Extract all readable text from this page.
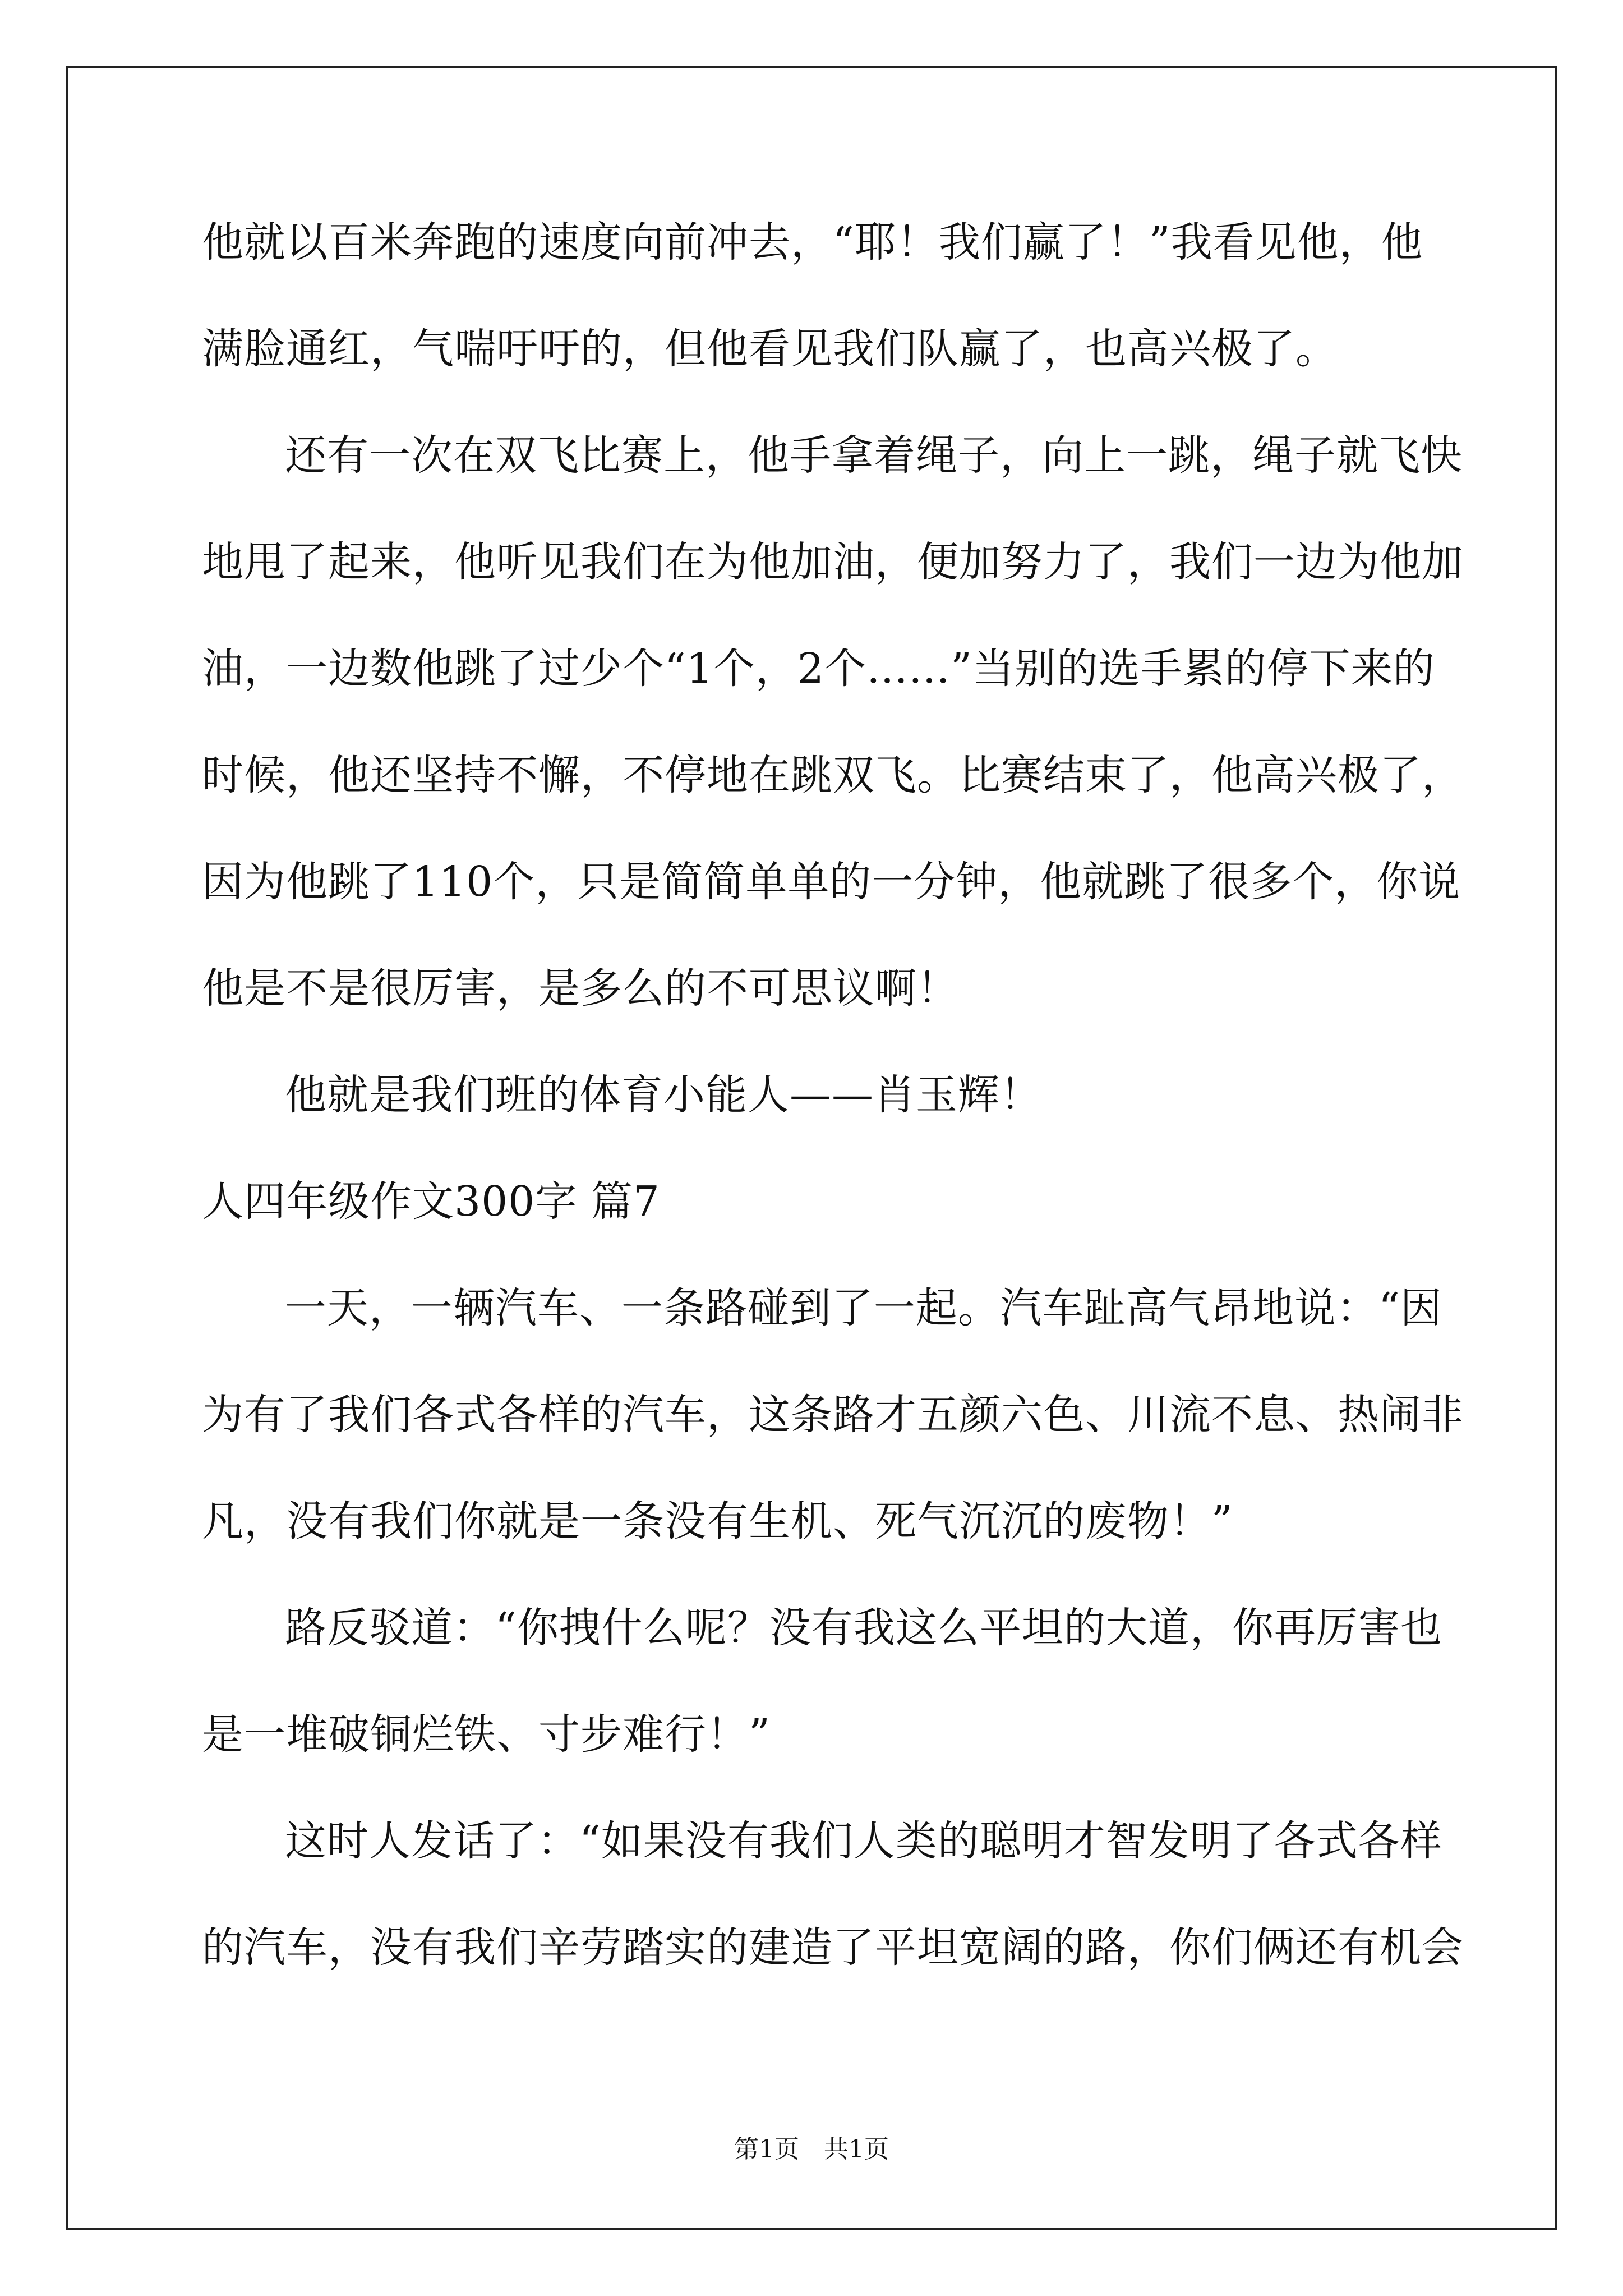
他就以百米奔跑的速度向前冲去，“耶！我们赢了！”我看见他，他
满脸通红，气喘吁吁的，但他看见我们队赢了，也高兴极了。
还有一次在双飞比赛上，他手拿着绳子，向上一跳，绳子就飞快
地甩了起来，他听见我们在为他加油，便加努力了，我们一边为他加
油，一边数他跳了过少个“1个，2个……”当别的选手累的停下来的
时候，他还坚持不懈，不停地在跳双飞。比赛结束了，他高兴极了，
因为他跳了110个，只是简简单单的一分钟，他就跳了很多个，你说
他是不是很厉害，是多么的不可思议啊！
他就是我们班的体育小能人——肖玉辉！
人四年级作文300字 篇7
一天，一辆汽车、一条路碰到了一起。汽车趾高气昂地说：“因
为有了我们各式各样的汽车，这条路才五颜六色、川流不息、热闹非
凡，没有我们你就是一条没有生机、死气沉沉的废物！”
路反驳道：“你拽什么呢？没有我这么平坦的大道，你再厉害也
是一堆破铜烂铁、寸步难行！”
这时人发话了：“如果没有我们人类的聪明才智发明了各式各样
的汽车，没有我们辛劳踏实的建造了平坦宽阔的路，你们俩还有机会
第1页　共1页
